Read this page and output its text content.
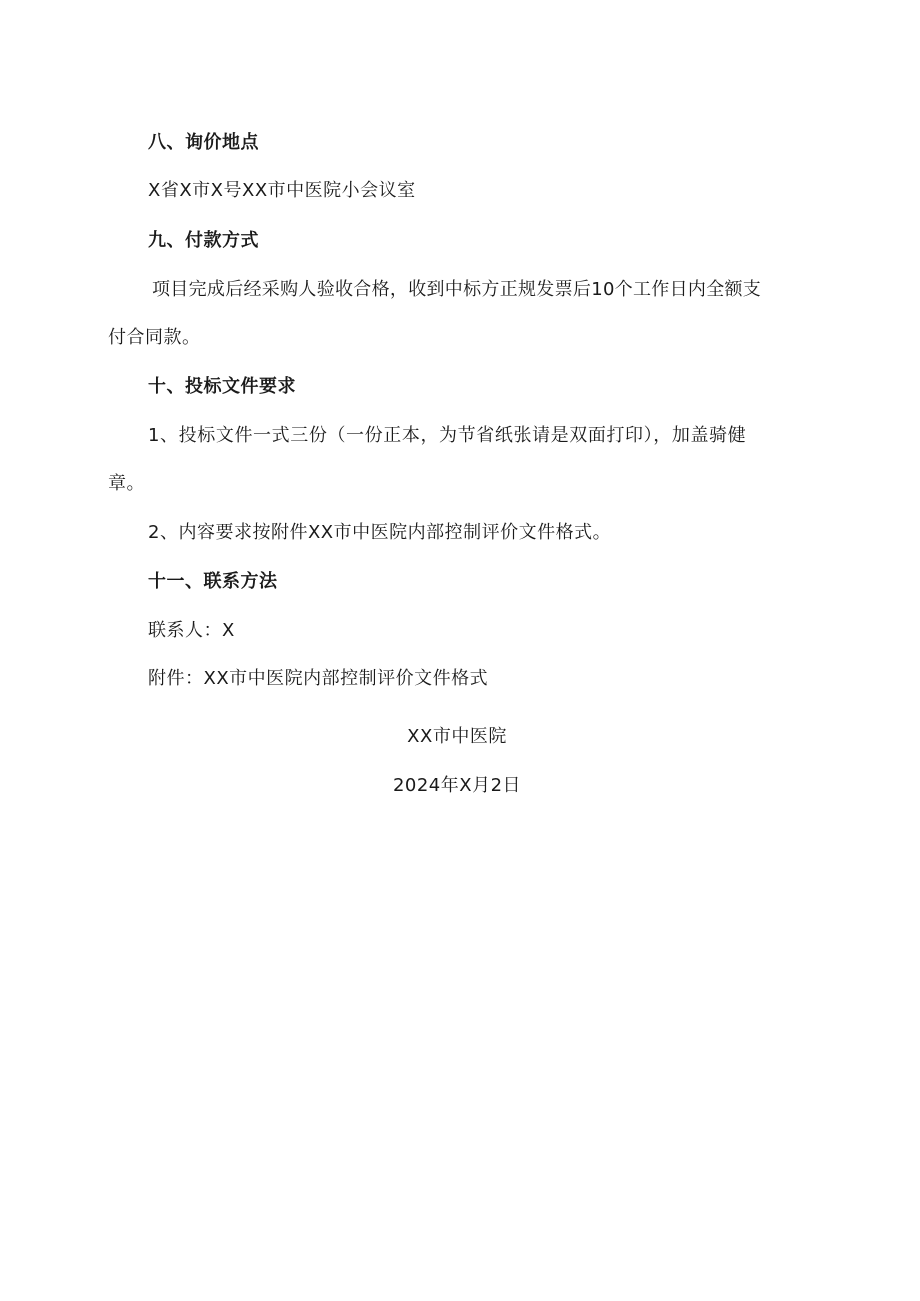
八、询价地点
X省X市X号XX市中医院小会议室
九、付款方式
项目完成后经采购人验收合格，收到中标方正规发票后10个工作日内全额支
付合同款。
十、投标文件要求
1、投标文件一式三份（一份正本，为节省纸张请是双面打印），加盖骑健
章。
2、内容要求按附件XX市中医院内部控制评价文件格式。
十一、联系方法
联系人：X
附件：XX市中医院内部控制评价文件格式
XX市中医院
2024年X月2日
